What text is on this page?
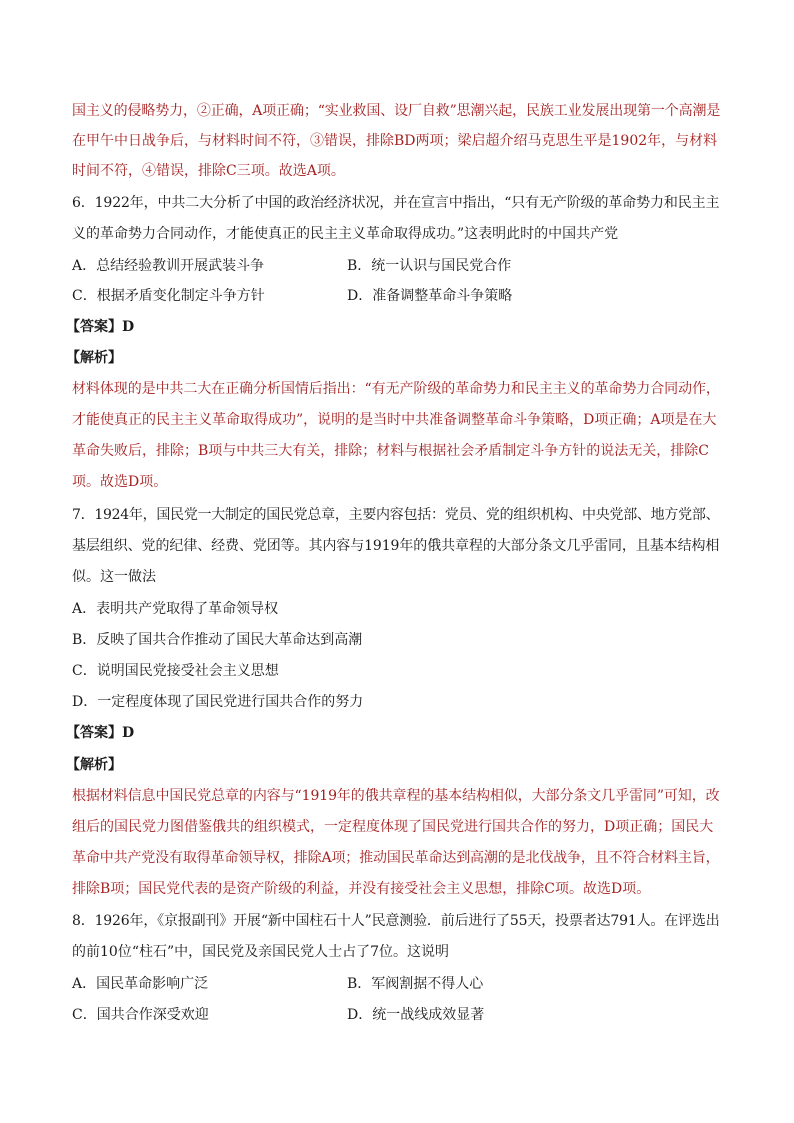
国主义的侵略势力，②正确，A项正确；“实业救国、设厂自救”思潮兴起，民族工业发展出现第一个高潮是
在甲午中日战争后，与材料时间不符，③错误，排除BD两项；梁启超介绍马克思生平是1902年，与材料
时间不符，④错误，排除C三项。故选A项。
6．1922年，中共二大分析了中国的政治经济状况，并在宣言中指出，“只有无产阶级的革命势力和民主主
义的革命势力合同动作，才能使真正的民主主义革命取得成功。”这表明此时的中国共产党
A．总结经验教训开展武装斗争	B．统一认识与国民党合作
C．根据矛盾变化制定斗争方针	D．准备调整革命斗争策略
【答案】D
【解析】
材料体现的是中共二大在正确分析国情后指出：“有无产阶级的革命势力和民主主义的革命势力合同动作，
才能使真正的民主主义革命取得成功”，说明的是当时中共准备调整革命斗争策略，D项正确；A项是在大
革命失败后，排除；B项与中共三大有关，排除；材料与根据社会矛盾制定斗争方针的说法无关，排除C
项。故选D项。
7．1924年，国民党一大制定的国民党总章，主要内容包括：党员、党的组织机构、中央党部、地方党部、
基层组织、党的纪律、经费、党团等。其内容与1919年的俄共章程的大部分条文几乎雷同，且基本结构相
似。这一做法
A．表明共产党取得了革命领导权
B．反映了国共合作推动了国民大革命达到高潮
C．说明国民党接受社会主义思想
D．一定程度体现了国民党进行国共合作的努力
【答案】D
【解析】
根据材料信息中国民党总章的内容与“1919年的俄共章程的基本结构相似，大部分条文几乎雷同”可知，改
组后的国民党力图借鉴俄共的组织模式，一定程度体现了国民党进行国共合作的努力，D项正确；国民大
革命中共产党没有取得革命领导权，排除A项；推动国民革命达到高潮的是北伐战争，且不符合材料主旨，
排除B项；国民党代表的是资产阶级的利益，并没有接受社会主义思想，排除C项。故选D项。
8．1926年，《京报副刊》开展“新中国柱石十人”民意测验．前后进行了55天，投票者达791人。在评选出
的前10位“柱石”中，国民党及亲国民党人士占了7位。这说明
A．国民革命影响广泛	B．军阀割据不得人心
C．国共合作深受欢迎	D．统一战线成效显著
